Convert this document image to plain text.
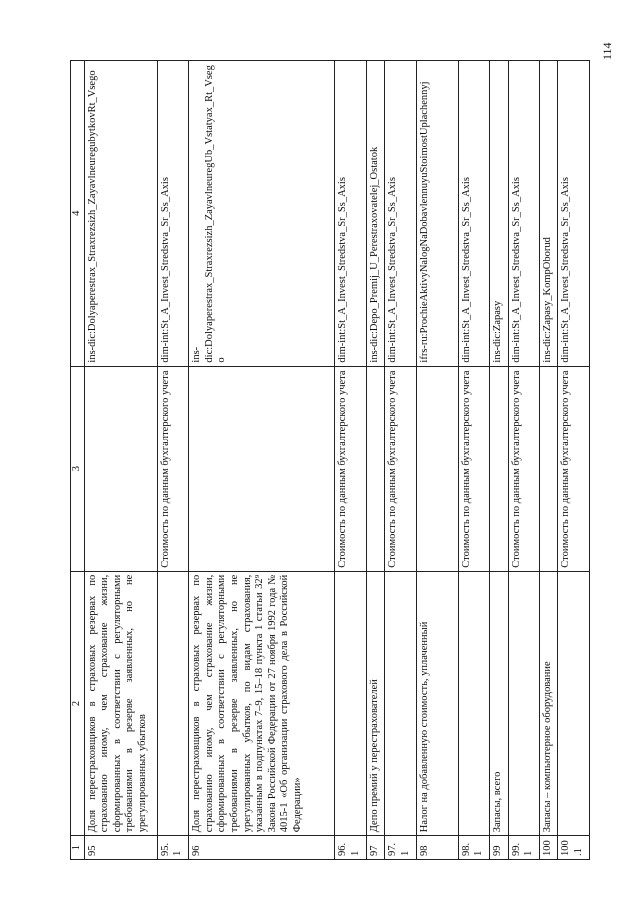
1	2	3	4
95	Доля перестраховщиков в страховых резервах по страхованию иному, чем страхование жизни, сформированных в соответствии с регуляторными требованиями в резерве заявленных, но не урегулированных убытков		ins-dic:Dolyaperestrax_Straxrezsizh_ZayavlneuregubytkovRt_Vsego
95.1		Стоимость по данным бухгалтерского учета	dim-int:St_A_Invest_Stredstva_Sr_Ss_Axis
96	Доля перестраховщиков в страховых резервах по страхованию иному, чем страхование жизни, сформированных в соответствии с регуляторными требованиями в резерве заявленных, но не урегулированных убытков, по видам страхования, указанным в подпунктах 7–9, 15–18 пункта 1 статьи 32⁹ Закона Российской Федерации от 27 ноября 1992 года № 4015-1 «Об организации страхового дела в Российской Федерации»		ins-dic:Dolyaperestrax_Straxrezsizh_ZayavlneuregUb_Vstatyax_Rt_Vsego
96.1		Стоимость по данным бухгалтерского учета	dim-int:St_A_Invest_Stredstva_Sr_Ss_Axis
97	Депо премий у перестрахователей		ins-dic:Depo_Premij_U_Perestraxovatelej_Ostatok
97.1		Стоимость по данным бухгалтерского учета	dim-int:St_A_Invest_Stredstva_Sr_Ss_Axis
98	Налог на добавленную стоимость, уплаченный		ifrs-ru:ProchieAktivyNalogNaDobavlennuyuStoimostUplachennyj
98.1		Стоимость по данным бухгалтерского учета	dim-int:St_A_Invest_Stredstva_Sr_Ss_Axis
99	Запасы, всего		ins-dic:Zapasy
99.1		Стоимость по данным бухгалтерского учета	dim-int:St_A_Invest_Stredstva_Sr_Ss_Axis
100	Запасы – компьютерное оборудование		ins-dic:Zapasy_KompOborud
100.1		Стоимость по данным бухгалтерского учета	dim-int:St_A_Invest_Stredstva_Sr_Ss_Axis
114
